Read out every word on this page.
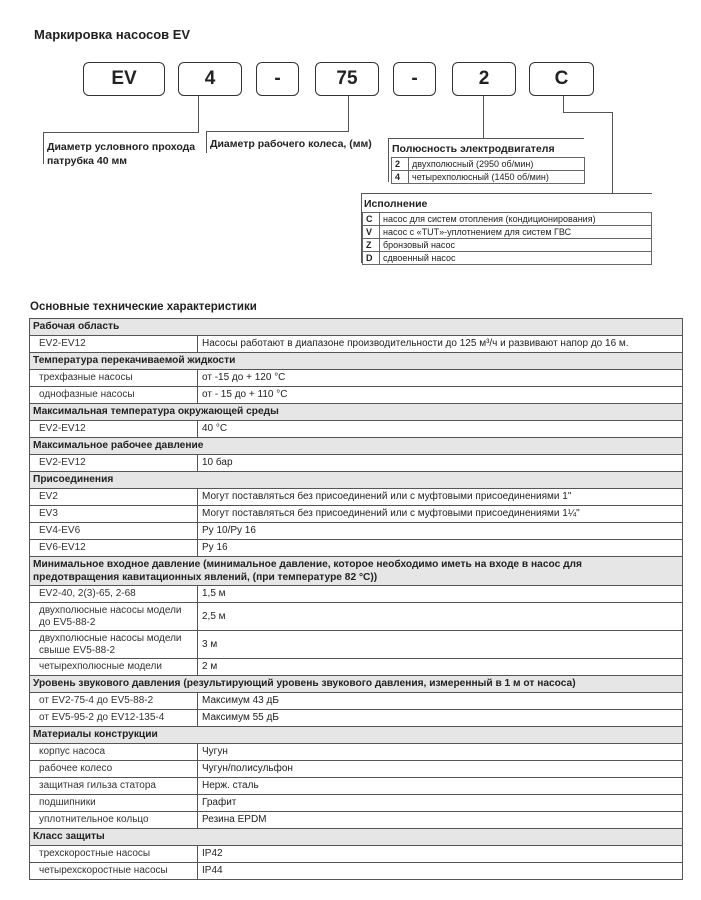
Маркировка насосов EV
EV	4	-	75	-	2	C
Диаметр условного прохода патрубка 40 мм
Диаметр рабочего колеса, (мм)	Полюсность электродвигателя
2	двухполюсный (2950 об/мин)
4	четырехполюсный (1450 об/мин)
Исполнение
C	насос для систем отопления (кондиционирования)
V	насос с «TUT»-уплотнением для систем ГВС
Z	бронзовый насос
D	сдвоенный насос
Основные технические характеристики
Рабочая область	
EV2-EV12	Насосы работают в диапазоне производительности до 125 м³/ч и развивают напор до 16 м.
Температура перекачиваемой жидкости	
трехфазные насосы	от -15 до + 120 °C
однофазные насосы	от - 15 до + 110 °C
Максимальная температура окружающей среды	
EV2-EV12	40 °C
Максимальное рабочее давление	
EV2-EV12	10 бар
Присоединения	
EV2	Могут поставляться без присоединений или с муфтовыми присоединениями 1"
EV3	Могут поставляться без присоединений или с муфтовыми присоединениями 1¼"
EV4-EV6	Ру 10/Ру 16
EV6-EV12	Ру 16
Минимальное входное давление (минимальное давление, которое необходимо иметь на входе в насос для предотвращения кавитационных явлений, (при температуре 82 °C))	
EV2-40, 2(3)-65, 2-68	1,5 м
двухполюсные насосы модели до EV5-88-2	2,5 м
двухполюсные насосы модели свыше EV5-88-2	3 м
четырехполюсные модели	2 м
Уровень звукового давления (результирующий уровень звукового давления, измеренный в 1 м от насоса)	
от EV2-75-4 до EV5-88-2	Максимум 43 дБ
от EV5-95-2 до EV12-135-4	Максимум 55 дБ
Материалы конструкции	
корпус насоса	Чугун
рабочее колесо	Чугун/полисульфон
защитная гильза статора	Нерж. сталь
подшипники	Графит
уплотнительное кольцо	Резина EPDM
Класс защиты	
трехскоростные насосы	IP42
четырехскоростные насосы	IP44
